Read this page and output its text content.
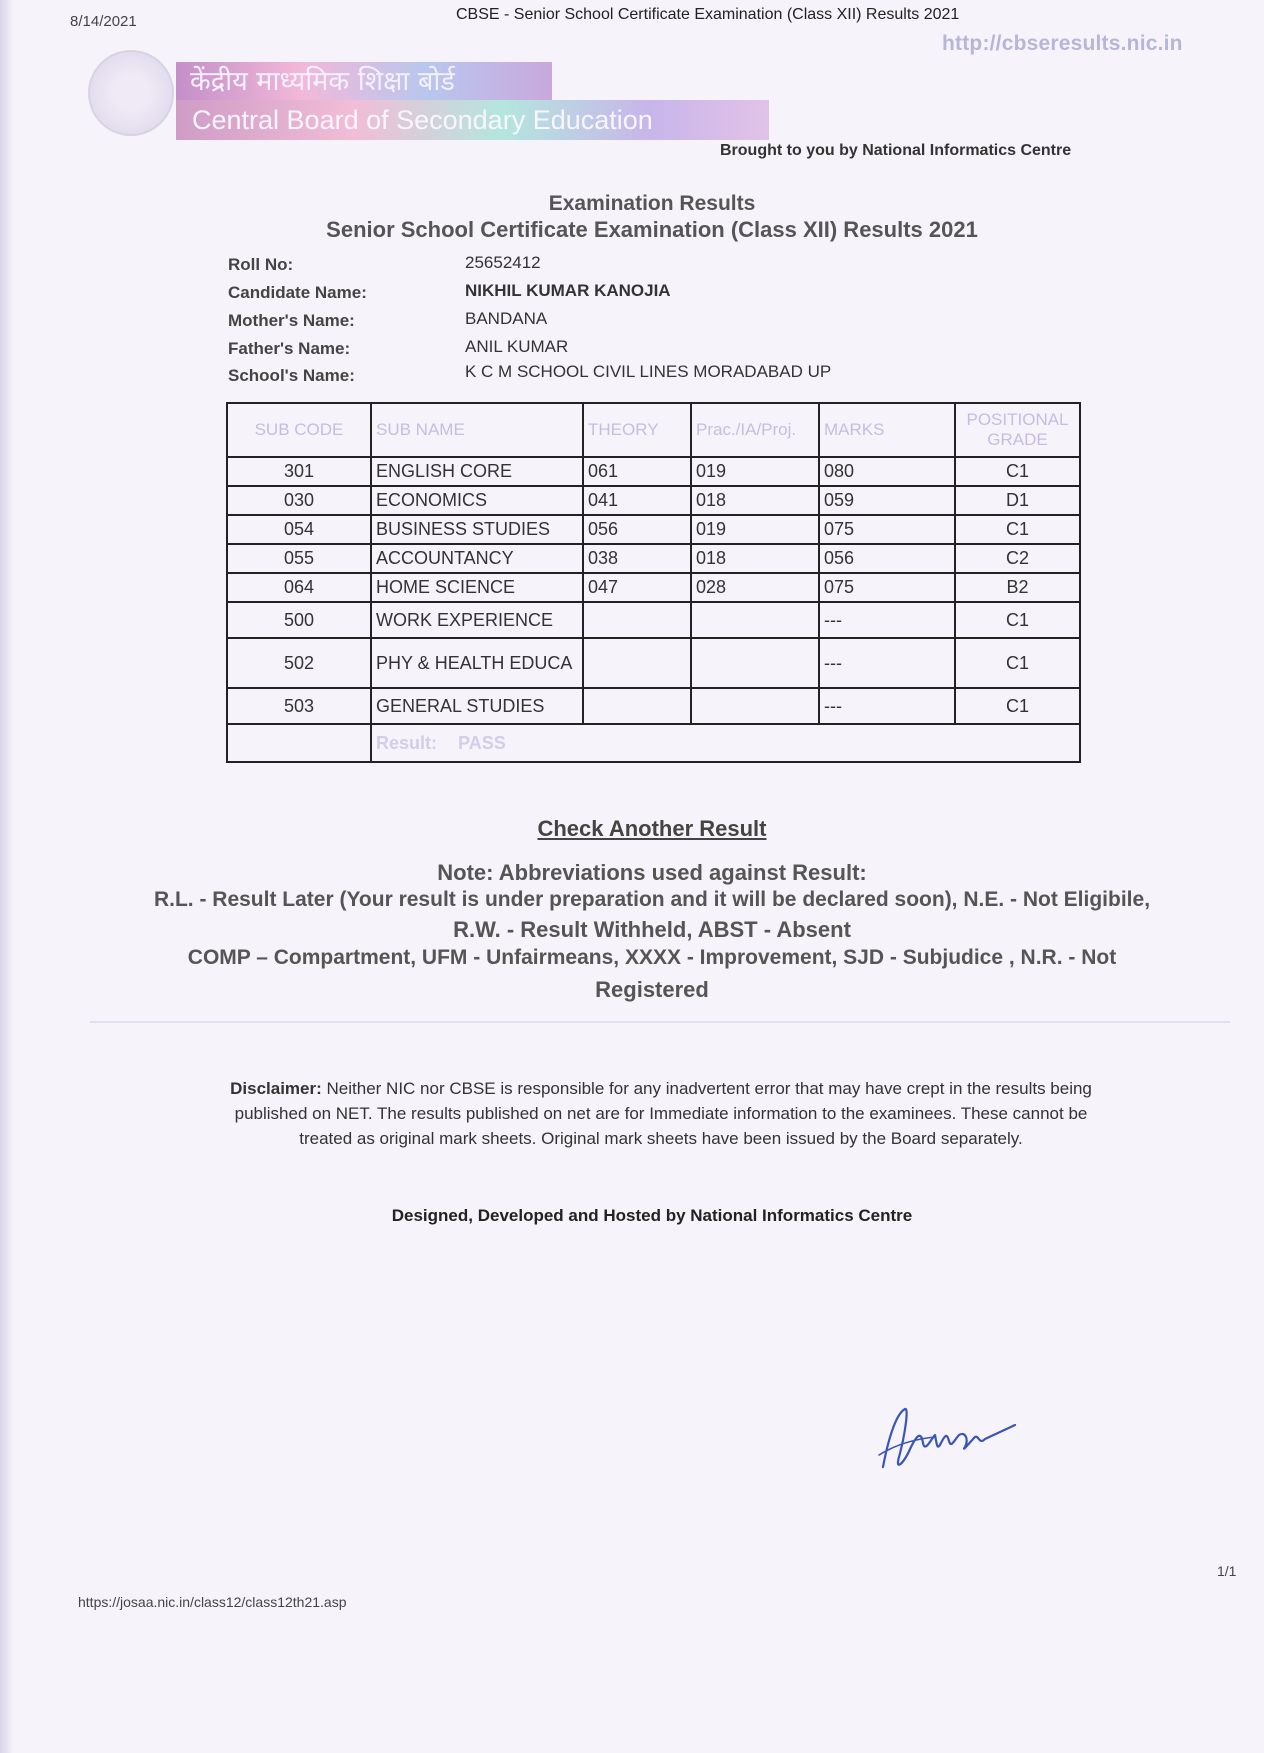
8/14/2021	CBSE - Senior School Certificate Examination (Class XII) Results 2021
http://cbseresults.nic.in
केंद्रीय माध्यमिक शिक्षा बोर्ड
Central Board of Secondary Education
Brought to you by National Informatics Centre
Examination Results
Senior School Certificate Examination (Class XII) Results 2021
Roll No:	25652412
Candidate Name:	NIKHIL KUMAR KANOJIA
Mother's Name:	BANDANA
Father's Name:	ANIL KUMAR
School's Name:	K C M SCHOOL CIVIL LINES MORADABAD UP
SUB CODE	SUB NAME	THEORY	Prac./IA/Proj.	MARKS	POSITIONAL GRADE
301	ENGLISH CORE	061	019	080	C1
030	ECONOMICS	041	018	059	D1
054	BUSINESS STUDIES	056	019	075	C1
055	ACCOUNTANCY	038	018	056	C2
064	HOME SCIENCE	047	028	075	B2
500	WORK EXPERIENCE			---	C1
502	PHY & HEALTH EDUCA			---	C1
503	GENERAL STUDIES			---	C1
	Result: PASS				
Check Another Result
Note: Abbreviations used against Result:
R.L. - Result Later (Your result is under preparation and it will be declared soon), N.E. - Not Eligibile,
R.W. - Result Withheld, ABST - Absent
COMP – Compartment, UFM - Unfairmeans, XXXX - Improvement, SJD - Subjudice , N.R. - Not
Registered
Disclaimer: Neither NIC nor CBSE is responsible for any inadvertent error that may have crept in the results being published on NET. The results published on net are for Immediate information to the examinees. These cannot be treated as original mark sheets. Original mark sheets have been issued by the Board separately.
Designed, Developed and Hosted by National Informatics Centre
1/1
https://josaa.nic.in/class12/class12th21.asp
